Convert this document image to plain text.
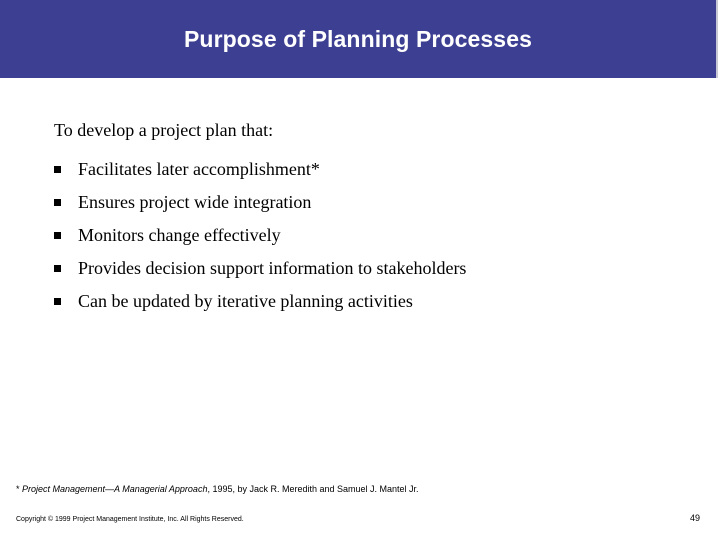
Purpose of Planning Processes
To develop a project plan that:
Facilitates later accomplishment*
Ensures project wide integration
Monitors change effectively
Provides decision support information to stakeholders
Can be updated by iterative planning activities
* Project Management—A Managerial Approach, 1995, by Jack R. Meredith and Samuel J. Mantel Jr.
Copyright © 1999 Project Management Institute, Inc. All Rights Reserved.	49
